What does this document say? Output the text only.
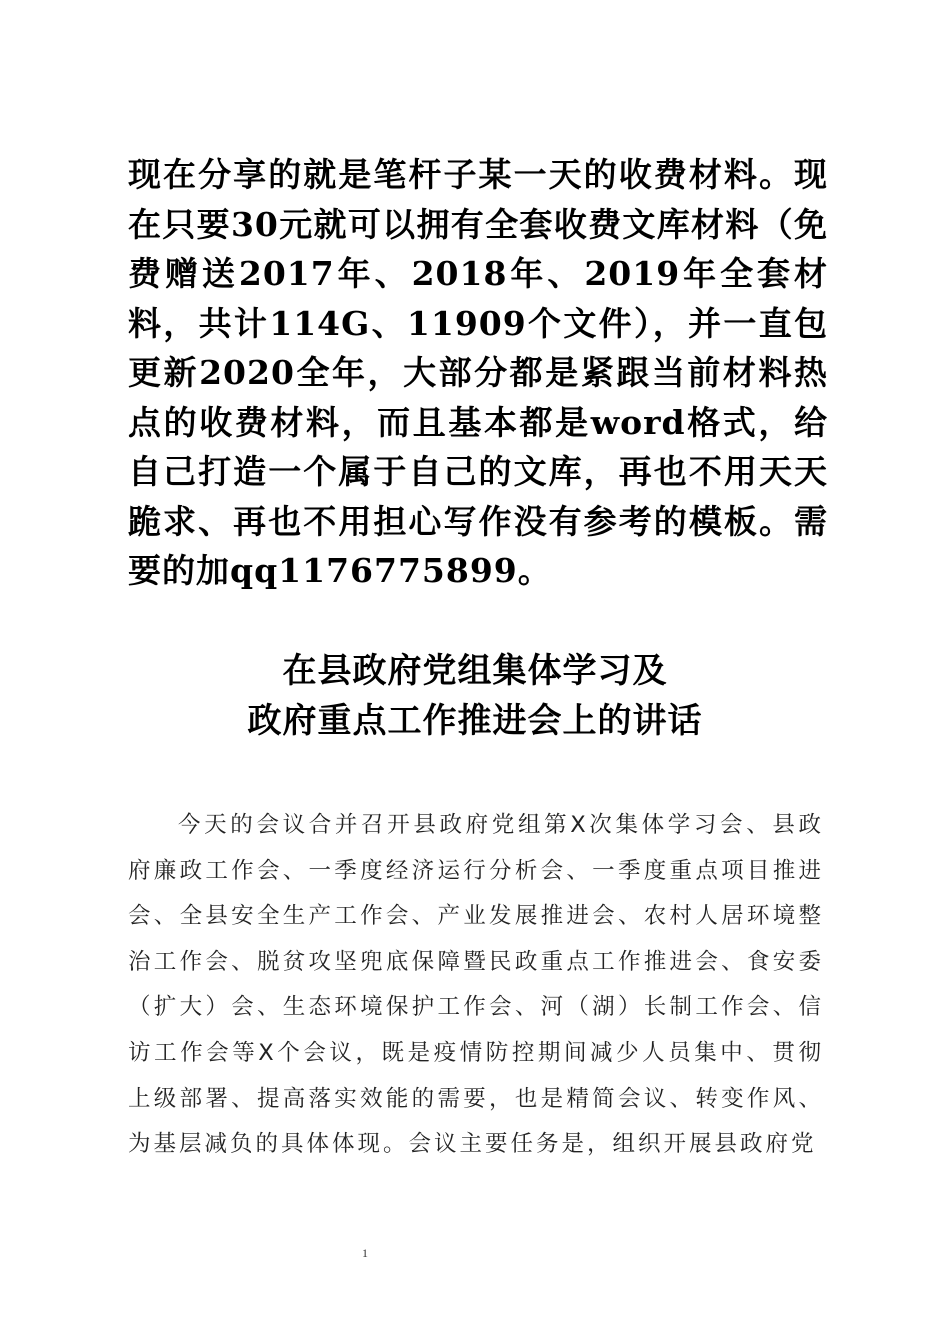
现在分享的就是笔杆子某一天的收费材料。现在只要30元就可以拥有全套收费文库材料（免费赠送2017年、2018年、2019年全套材料，共计114G、11909个文件），并一直包更新2020全年，大部分都是紧跟当前材料热点的收费材料，而且基本都是word格式，给自己打造一个属于自己的文库，再也不用天天跪求、再也不用担心写作没有参考的模板。需要的加qq1176775899。
在县政府党组集体学习及
政府重点工作推进会上的讲话
今天的会议合并召开县政府党组第X次集体学习会、县政府廉政工作会、一季度经济运行分析会、一季度重点项目推进会、全县安全生产工作会、产业发展推进会、农村人居环境整治工作会、脱贫攻坚兜底保障暨民政重点工作推进会、食安委（扩大）会、生态环境保护工作会、河（湖）长制工作会、信访工作会等X个会议，既是疫情防控期间减少人员集中、贯彻上级部署、提高落实效能的需要，也是精简会议、转变作风、为基层减负的具体体现。会议主要任务是，组织开展县政府党
1
